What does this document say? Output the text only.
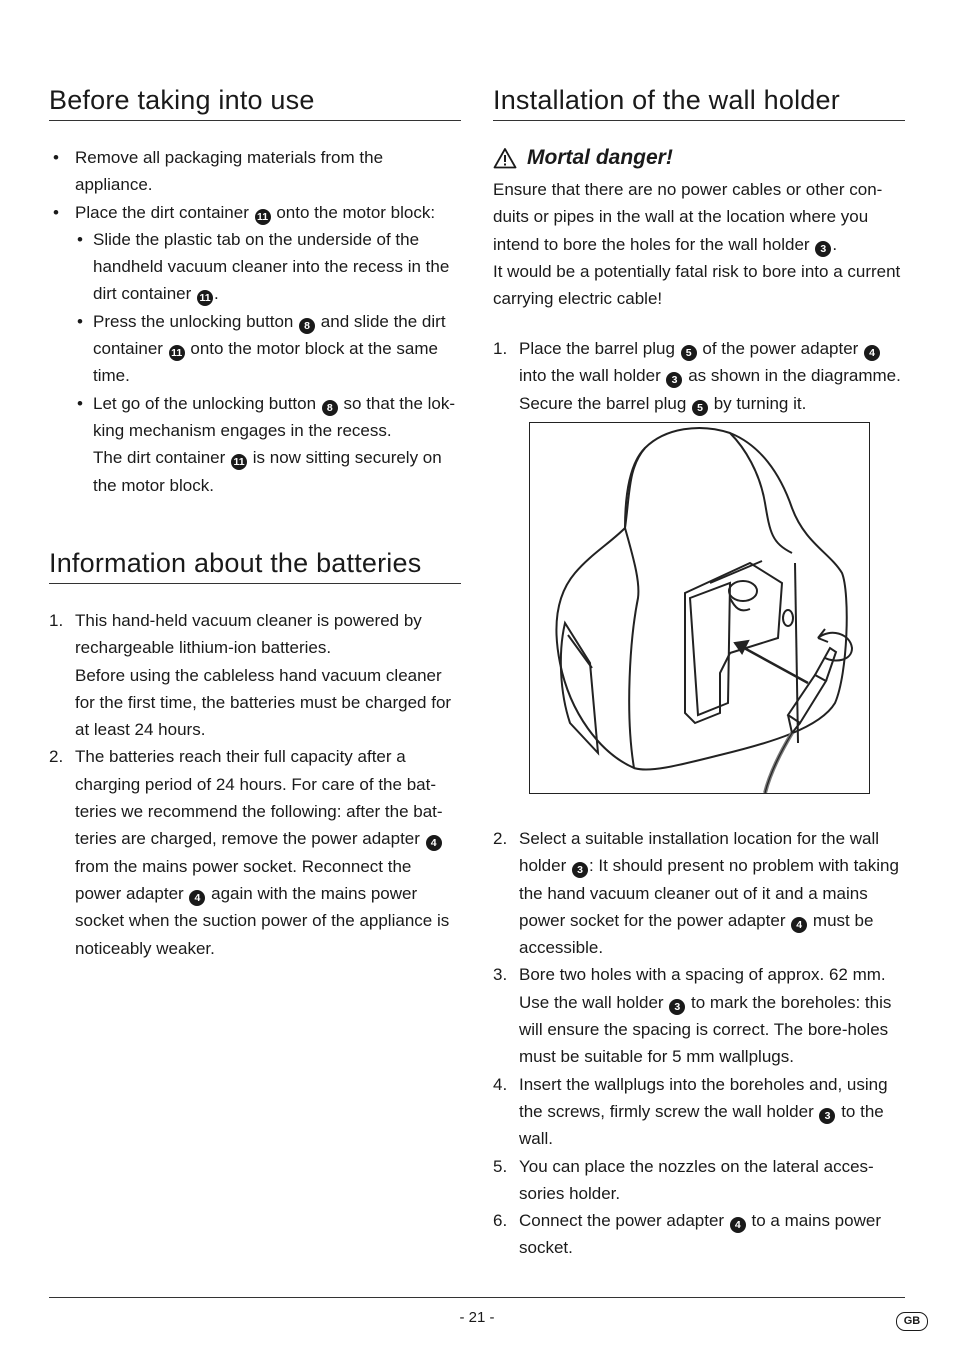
Before taking into use
• Remove all packaging materials from the appliance.
• Place the dirt container 11 onto the motor block:
• Slide the plastic tab on the underside of the handheld vacuum cleaner into the recess in the dirt container 11 .
• Press the unlocking button 8 and slide the dirt container 11 onto the motor block at the same time.
• Let go of the unlocking button 8 so that the lok-king mechanism engages in the recess.
The dirt container 11 is now sitting securely on the motor block.
Information about the batteries
1. This hand-held vacuum cleaner is powered by rechargeable lithium-ion batteries.
Before using the cableless hand vacuum cleaner for the first time, the batteries must be charged for at least 24 hours.
2. The batteries reach their full capacity after a charging period of 24 hours. For care of the bat-teries we recommend the following: after the bat-teries are charged, remove the power adapter 4 from the mains power socket. Reconnect the power adapter 4 again with the mains power socket when the suction power of the appliance is noticeably weaker.
Installation of the wall holder
Mortal danger!
Ensure that there are no power cables or other con-duits or pipes in the wall at the location where you intend to bore the holes for the wall holder 3 .
It would be a potentially fatal risk to bore into a current carrying electric cable!
1. Place the barrel plug 5 of the power adapter 4 into the wall holder 3 as shown in the diagramme. Secure the barrel plug 5 by turning it.
2. Select a suitable installation location for the wall holder 3 : It should present no problem with taking the hand vacuum cleaner out of it and a mains power socket for the power adapter 4 must be accessible.
3. Bore two holes with a spacing of approx. 62 mm. Use the wall holder 3 to mark the boreholes: this will ensure the spacing is correct. The bore-holes must be suitable for 5 mm wallplugs.
4. Insert the wallplugs into the boreholes and, using the screws, firmly screw the wall holder 3 to the wall.
5. You can place the nozzles on the lateral acces-sories holder.
6. Connect the power adapter 4 to a mains power socket.
- 21 -	GB
